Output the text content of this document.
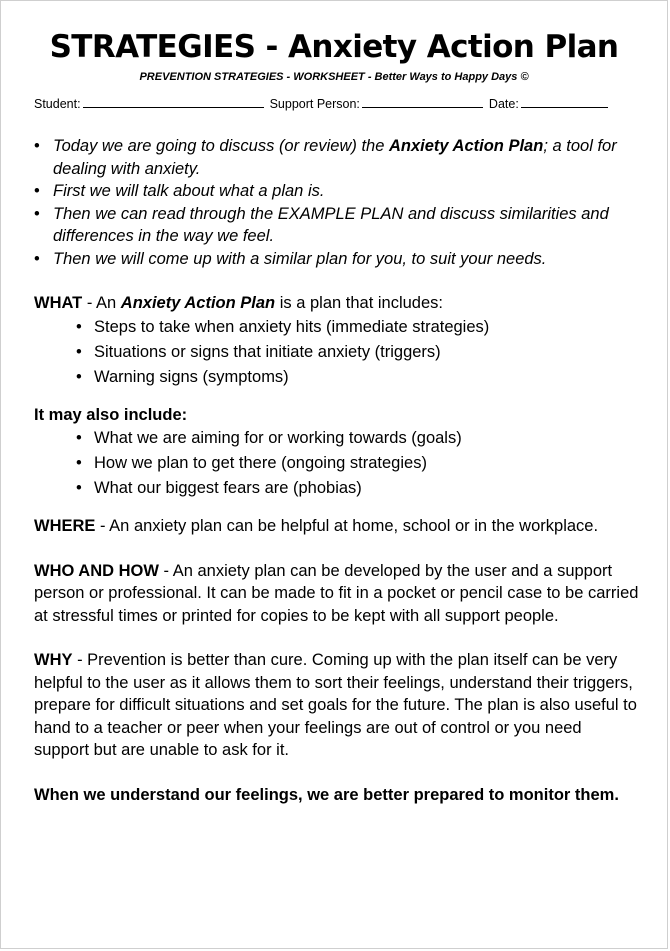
STRATEGIES - Anxiety Action Plan
PREVENTION STRATEGIES - WORKSHEET - Better Ways to Happy Days ©
Student:	Support Person:	Date:
• Today we are going to discuss (or review) the Anxiety Action Plan; a tool for dealing with anxiety.
• First we will talk about what a plan is.
• Then we can read through the EXAMPLE PLAN and discuss similarities and differences in the way we feel.
• Then we will come up with a similar plan for you, to suit your needs.

WHAT - An Anxiety Action Plan is a plan that includes:

• Steps to take when anxiety hits (immediate strategies)
• Situations or signs that initiate anxiety (triggers)
• Warning signs (symptoms)

It may also include:

• What we are aiming for or working towards (goals)
• How we plan to get there (ongoing strategies)
• What our biggest fears are (phobias)

WHERE - An anxiety plan can be helpful at home, school or in the workplace.

WHO AND HOW - An anxiety plan can be developed by the user and a support person or professional. It can be made to fit in a pocket or pencil case to be carried at stressful times or printed for copies to be kept with all support people.

WHY - Prevention is better than cure. Coming up with the plan itself can be very helpful to the user as it allows them to sort their feelings, understand their triggers, prepare for difficult situations and set goals for the future. The plan is also useful to hand to a teacher or peer when your feelings are out of control or you need support but are unable to ask for it.

When we understand our feelings, we are better prepared to monitor them.
